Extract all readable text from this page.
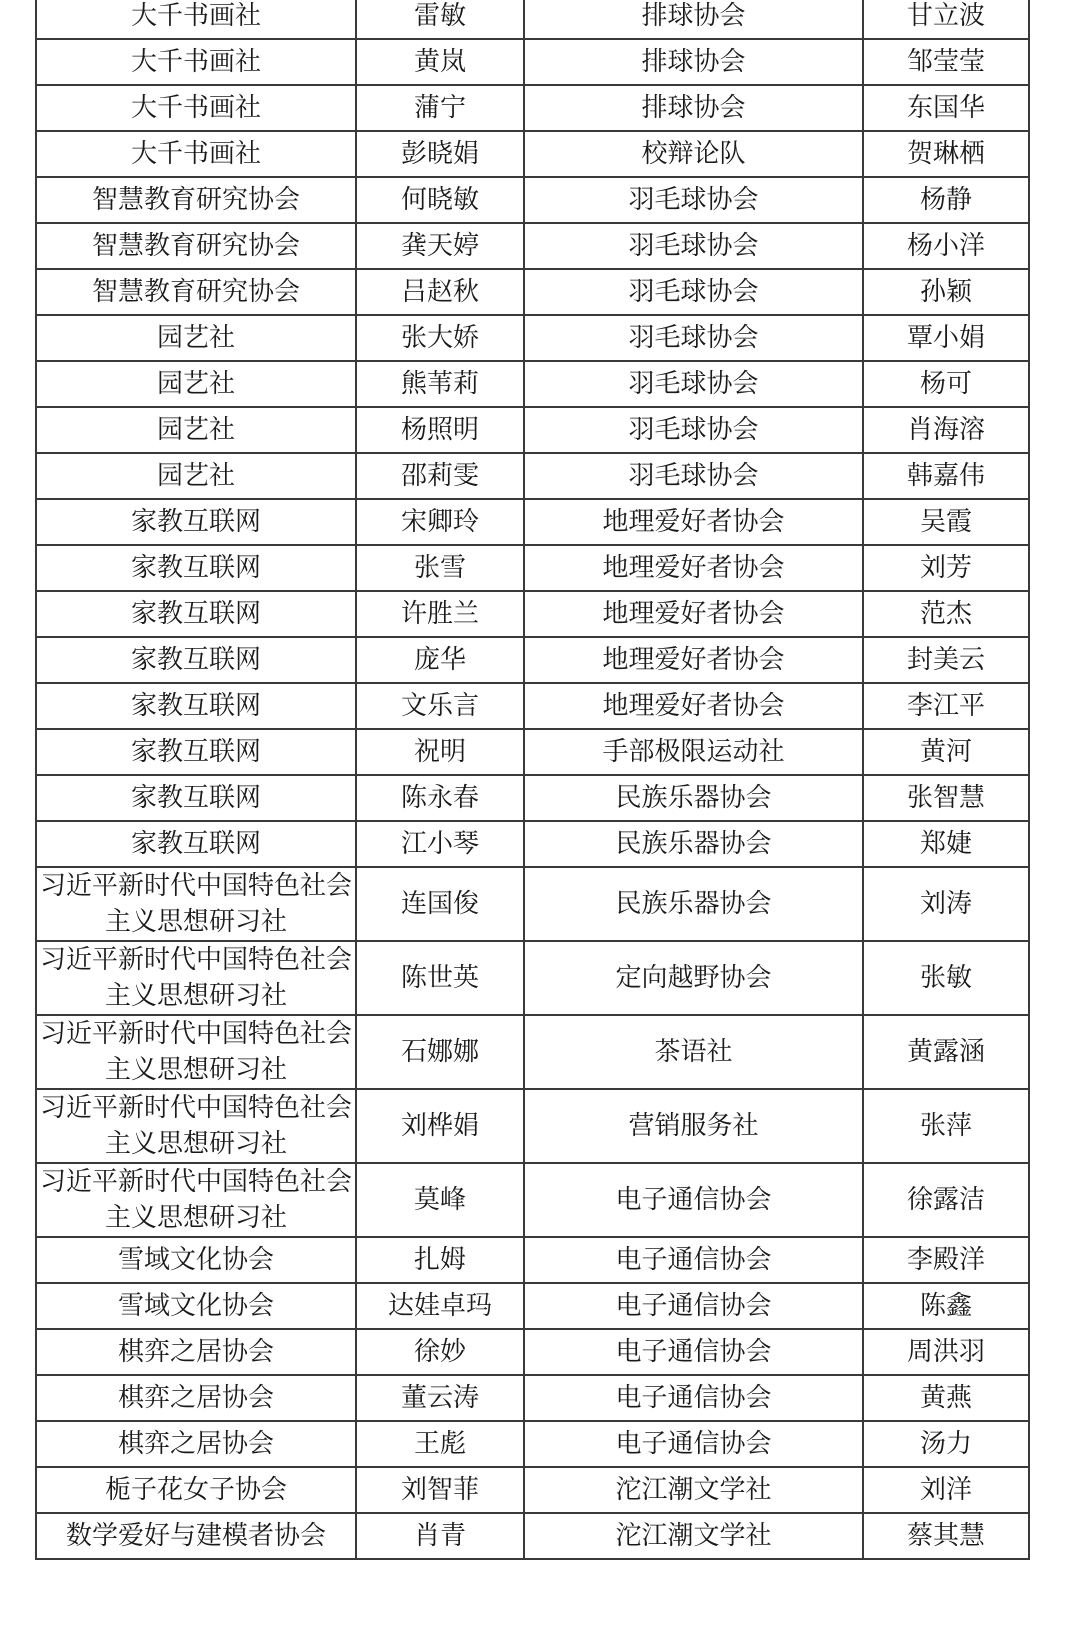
大千书画社	雷敏	排球协会	甘立波
大千书画社	黄岚	排球协会	邹莹莹
大千书画社	蒲宁	排球协会	东国华
大千书画社	彭晓娟	校辩论队	贺琳栖
智慧教育研究协会	何晓敏	羽毛球协会	杨静
智慧教育研究协会	龚天婷	羽毛球协会	杨小洋
智慧教育研究协会	吕赵秋	羽毛球协会	孙颖
园艺社	张大娇	羽毛球协会	覃小娟
园艺社	熊苇莉	羽毛球协会	杨可
园艺社	杨照明	羽毛球协会	肖海溶
园艺社	邵莉雯	羽毛球协会	韩嘉伟
家教互联网	宋卿玲	地理爱好者协会	吴霞
家教互联网	张雪	地理爱好者协会	刘芳
家教互联网	许胜兰	地理爱好者协会	范杰
家教互联网	庞华	地理爱好者协会	封美云
家教互联网	文乐言	地理爱好者协会	李江平
家教互联网	祝明	手部极限运动社	黄河
家教互联网	陈永春	民族乐器协会	张智慧
家教互联网	江小琴	民族乐器协会	郑婕
习近平新时代中国特色社会主义思想研习社	连国俊	民族乐器协会	刘涛
习近平新时代中国特色社会主义思想研习社	陈世英	定向越野协会	张敏
习近平新时代中国特色社会主义思想研习社	石娜娜	茶语社	黄露涵
习近平新时代中国特色社会主义思想研习社	刘桦娟	营销服务社	张萍
习近平新时代中国特色社会主义思想研习社	莫峰	电子通信协会	徐露洁
雪域文化协会	扎姆	电子通信协会	李殿洋
雪域文化协会	达娃卓玛	电子通信协会	陈鑫
棋弈之居协会	徐妙	电子通信协会	周洪羽
棋弈之居协会	董云涛	电子通信协会	黄燕
棋弈之居协会	王彪	电子通信协会	汤力
栀子花女子协会	刘智菲	沱江潮文学社	刘洋
数学爱好与建模者协会	肖青	沱江潮文学社	蔡其慧
